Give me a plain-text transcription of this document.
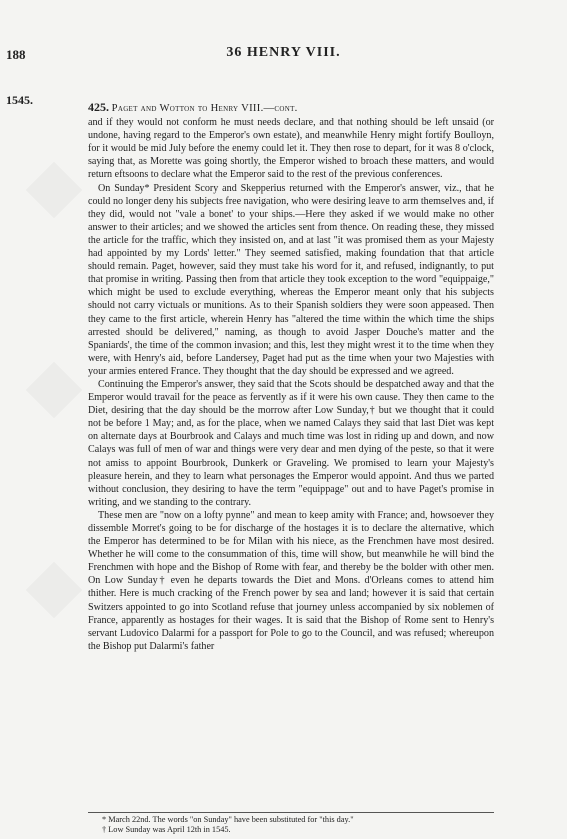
188	36 HENRY VIII.
1545.	425. Paget and Wotton to Henry VIII.—cont.

and if they would not conform he must needs declare, and that nothing should be left unsaid (or undone, having regard to the Emperor's own estate), and meanwhile Henry might fortify Boulloyn, for it would be mid July before the enemy could let it. They then rose to depart, for it was 8 o'clock, saying that, as Morette was going shortly, the Emperor wished to broach these matters, and would return eftsoons to declare what the Emperor said to the rest of the previous conferences.

On Sunday* President Scory and Skepperius returned with the Emperor's answer, viz., that he could no longer deny his subjects free navigation, who were desiring leave to arm themselves and, if they did, would not "vale a bonet' to your ships.—Here they asked if we would make no other answer to their articles; and we showed the articles sent from thence. On reading these, they missed the article for the traffic, which they insisted on, and at last "it was promised them as your Majesty had appointed by my Lords' letter." They seemed satisfied, making foundation that that article should remain. Paget, however, said they must take his word for it, and refused, indignantly, to put that promise in writing. Passing then from that article they took exception to the word "equippaige," which might be used to exclude everything, whereas the Emperor meant only that his subjects should not carry victuals or munitions. As to their Spanish soldiers they were soon appeased. Then they came to the first article, wherein Henry has "altered the time within the which time the ships arrested should be delivered," naming, as though to avoid Jasper Douche's matter and the Spaniards', the time of the common invasion; and this, lest they might wrest it to the time when they were, with Henry's aid, before Landersey, Paget had put as the time when your two Majesties with your armies entered France. They thought that the day should be expressed and we agreed.

Continuing the Emperor's answer, they said that the Scots should be despatched away and that the Emperor would travail for the peace as fervently as if it were his own cause. They then came to the Diet, desiring that the day should be the morrow after Low Sunday,† but we thought that it could not be before 1 May; and, as for the place, when we named Calays they said that last Diet was kept on alternate days at Bourbrook and Calays and much time was lost in riding up and down, and now Calays was full of men of war and things were very dear and men dying of the peste, so that it were not amiss to appoint Bourbrook, Dunkerk or Graveling. We promised to learn your Majesty's pleasure herein, and they to learn what personages the Emperor would appoint. And thus we parted without conclusion, they desiring to have the term "equippage" out and to have Paget's promise in writing, and we standing to the contrary.

These men are "now on a lofty pynne" and mean to keep amity with France; and, howsoever they dissemble Morret's going to be for discharge of the hostages it is to declare the alternative, which the Emperor has determined to be for Milan with his niece, as the Frenchmen have most desired. Whether he will come to the consummation of this, time will show, but meanwhile he will bind the Frenchmen with hope and the Bishop of Rome with fear, and thereby be the bolder with other men. On Low Sunday† even he departs towards the Diet and Mons. d'Orleans comes to attend him thither. Here is much cracking of the French power by sea and land; however it is said that certain Switzers appointed to go into Scotland refuse that journey unless accompanied by six noblemen of France, apparently as hostages for their wages. It is said that the Bishop of Rome sent to Henry's servant Ludovico Dalarmi for a passport for Pole to go to the Council, and was refused; whereupon the Bishop put Dalarmi's father

* March 22nd. The words "on Sunday" have been substituted for "this day."

† Low Sunday was April 12th in 1545.
